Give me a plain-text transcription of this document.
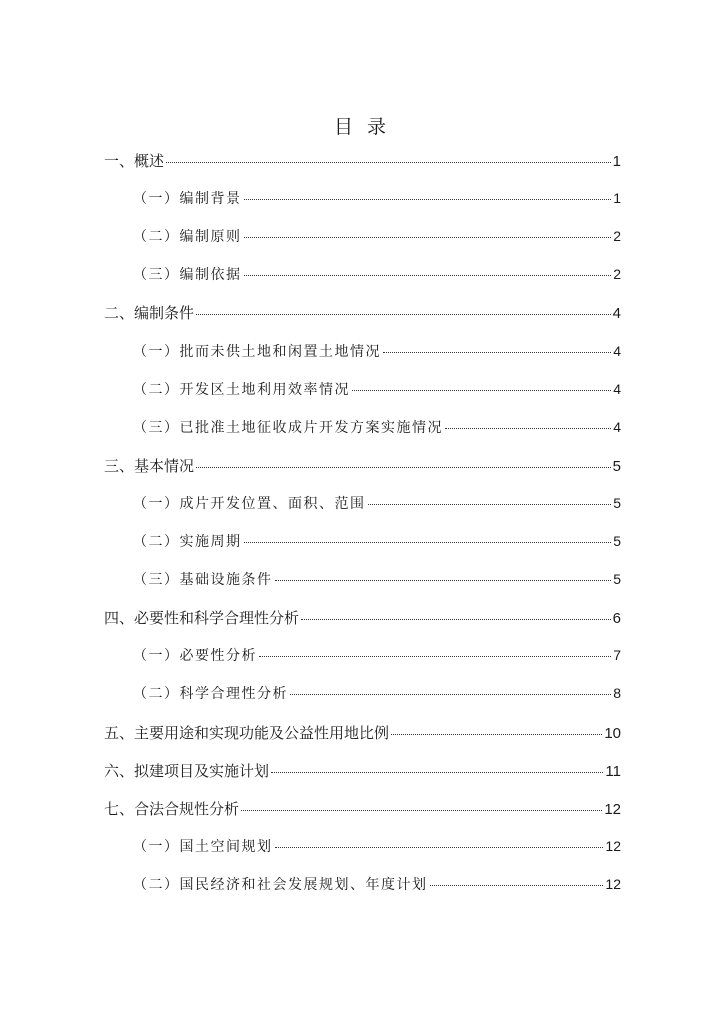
目 录
一、概述	1
（一）编制背景	1
（二）编制原则	2
（三）编制依据	2
二、编制条件	4
（一）批而未供土地和闲置土地情况	4
（二）开发区土地利用效率情况	4
（三）已批准土地征收成片开发方案实施情况	4
三、基本情况	5
（一）成片开发位置、面积、范围	5
（二）实施周期	5
（三）基础设施条件	5
四、必要性和科学合理性分析	6
（一）必要性分析	7
（二）科学合理性分析	8
五、主要用途和实现功能及公益性用地比例	10
六、拟建项目及实施计划	11
七、合法合规性分析	12
（一）国土空间规划	12
（二）国民经济和社会发展规划、年度计划	12
